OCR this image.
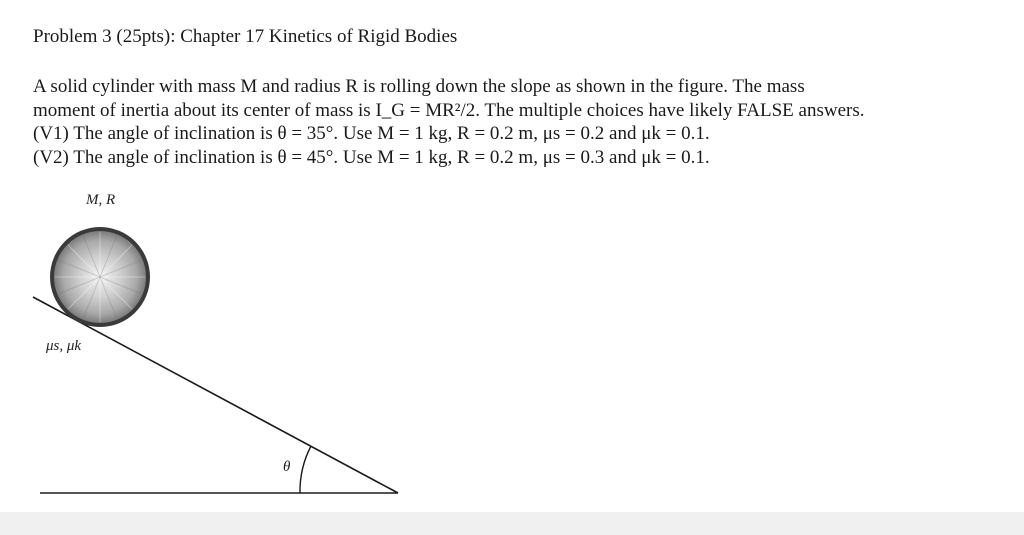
Problem 3 (25pts): Chapter 17 Kinetics of Rigid Bodies
A solid cylinder with mass M and radius R is rolling down the slope as shown in the figure. The mass
moment of inertia about its center of mass is I_G = MR²/2. The multiple choices have likely FALSE answers.
(V1) The angle of inclination is θ = 35°. Use M = 1 kg, R = 0.2 m, μs = 0.2 and μk = 0.1.
(V2) The angle of inclination is θ = 45°. Use M = 1 kg, R = 0.2 m, μs = 0.3 and μk = 0.1.
M, R
μs, μk
θ
